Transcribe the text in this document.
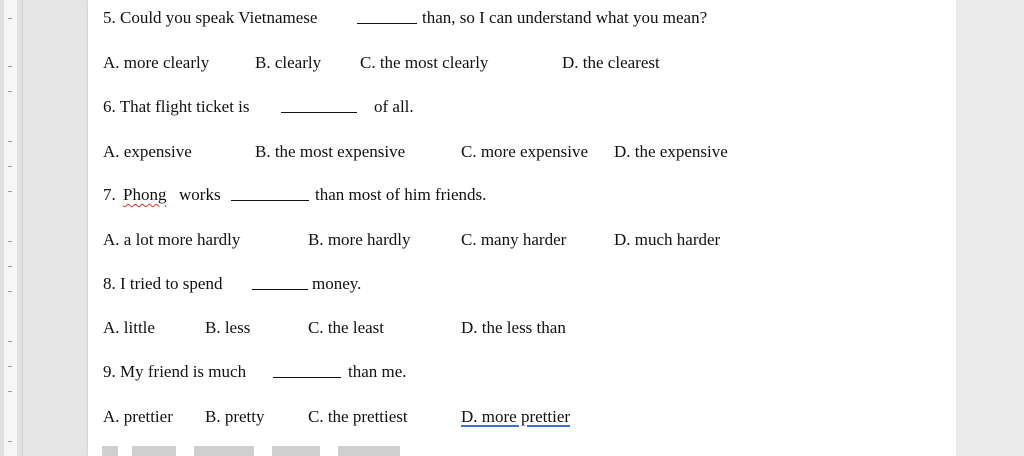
5. Could you speak Vietnamese	than, so I can understand what you mean?
A. more clearly	B. clearly C. the most clearly	D. the clearest
6. That flight ticket is	of all.
A. expensive	B. the most expensive	C. more expensive D. the expensive
7. Phong works	than most of him friends.
A. a lot more hardly	B. more hardly	C. many harder	D. much harder
8. I tried to spend	money.
A. little	B. less	C. the least	D. the less than
9. My friend is much	than me.
A. prettier B. pretty	C. the prettiest	D. more prettier
